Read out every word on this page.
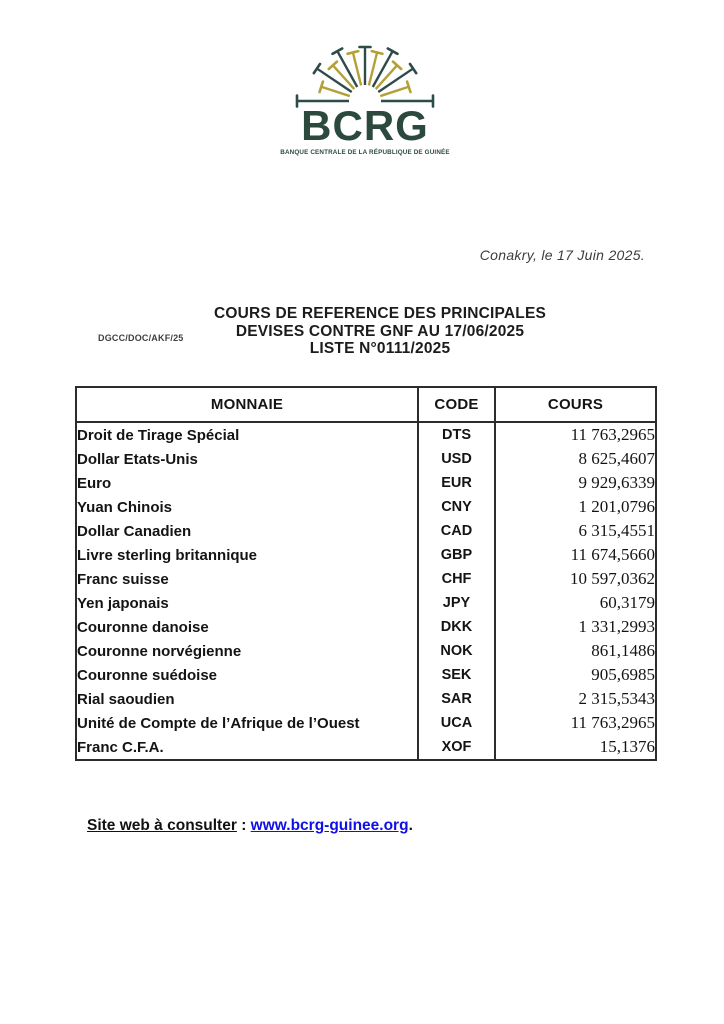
BCRG
BANQUE CENTRALE DE LA RÉPUBLIQUE DE GUINÉE
Conakry, le 17 Juin 2025.
DGCC/DOC/AKF/25
COURS DE REFERENCE DES PRINCIPALES
DEVISES CONTRE GNF AU 17/06/2025
LISTE N°0111/2025
MONNAIE	CODE	COURS
Droit de Tirage Spécial	DTS	11 763,2965
Dollar Etats-Unis	USD	8 625,4607
Euro	EUR	9 929,6339
Yuan Chinois	CNY	1 201,0796
Dollar Canadien	CAD	6 315,4551
Livre sterling britannique	GBP	11 674,5660
Franc suisse	CHF	10 597,0362
Yen japonais	JPY	60,3179
Couronne danoise	DKK	1 331,2993
Couronne norvégienne	NOK	861,1486
Couronne suédoise	SEK	905,6985
Rial saoudien	SAR	2 315,5343
Unité de Compte de l’Afrique de l’Ouest	UCA	11 763,2965
Franc C.F.A.	XOF	15,1376
Site web à consulter : www.bcrg-guinee.org.
